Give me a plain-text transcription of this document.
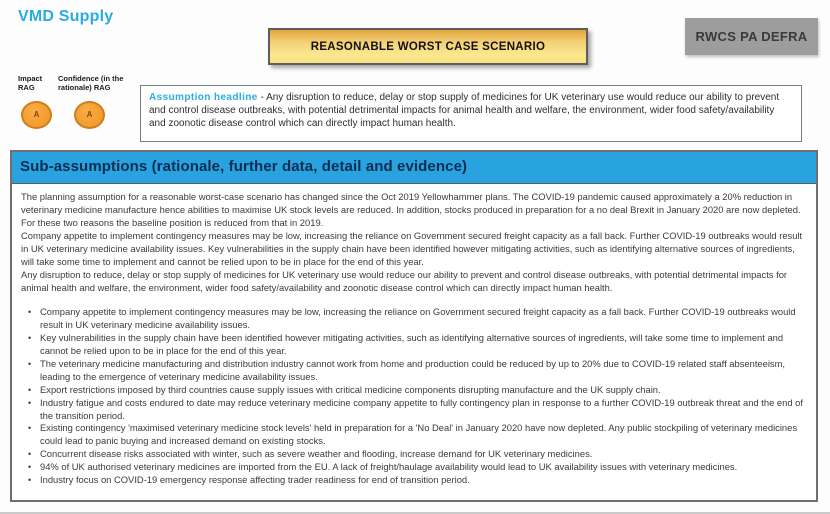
VMD Supply
REASONABLE WORST CASE SCENARIO
RWCS PA DEFRA
Impact RAG
A
Confidence (in the rationale) RAG
A
Assumption headline - Any disruption to reduce, delay or stop supply of medicines for UK veterinary use would reduce our ability to prevent and control disease outbreaks, with potential detrimental impacts for animal health and welfare, the environment, wider food safety/availability and zoonotic disease control which can directly impact human health.
Sub-assumptions (rationale, further data, detail and evidence)

The planning assumption for a reasonable worst-case scenario has changed since the Oct 2019 Yellowhammer plans. The COVID-19 pandemic caused approximately a 20% reduction in veterinary medicine manufacture hence abilities to maximise UK stock levels are reduced. In addition, stocks produced in preparation for a no deal Brexit in January 2020 are now depleted. For these two reasons the baseline position is reduced from that in 2019.

Company appetite to implement contingency measures may be low, increasing the reliance on Government secured freight capacity as a fall back. Further COVID-19 outbreaks would result in UK veterinary medicine availability issues. Key vulnerabilities in the supply chain have been identified however mitigating activities, such as identifying alternative sources of ingredients, will take some time to implement and cannot be relied upon to be in place for the end of this year.

Any disruption to reduce, delay or stop supply of medicines for UK veterinary use would reduce our ability to prevent and control disease outbreaks, with potential detrimental impacts for animal health and welfare, the environment, wider food safety/availability and zoonotic disease control which can directly impact human health.

• Company appetite to implement contingency measures may be low, increasing the reliance on Government secured freight capacity as a fall back. Further COVID-19 outbreaks would result in UK veterinary medicine availability issues.
• Key vulnerabilities in the supply chain have been identified however mitigating activities, such as identifying alternative sources of ingredients, will take some time to implement and cannot be relied upon to be in place for the end of this year.
• The veterinary medicine manufacturing and distribution industry cannot work from home and production could be reduced by up to 20% due to COVID-19 related staff absenteeism, leading to the emergence of veterinary medicine availability issues.
• Export restrictions imposed by third countries cause supply issues with critical medicine components disrupting manufacture and the UK supply chain.
• Industry fatigue and costs endured to date may reduce veterinary medicine company appetite to fully contingency plan in response to a further COVID-19 outbreak threat and the end of the transition period.
• Existing contingency 'maximised veterinary medicine stock levels' held in preparation for a 'No Deal' in January 2020 have now depleted. Any public stockpiling of veterinary medicines could lead to panic buying and increased demand on existing stocks.
• Concurrent disease risks associated with winter, such as severe weather and flooding, increase demand for UK veterinary medicines.
• 94% of UK authorised veterinary medicines are imported from the EU. A lack of freight/haulage availability would lead to UK availability issues with veterinary medicines.
• Industry focus on COVID-19 emergency response affecting trader readiness for end of transition period.
